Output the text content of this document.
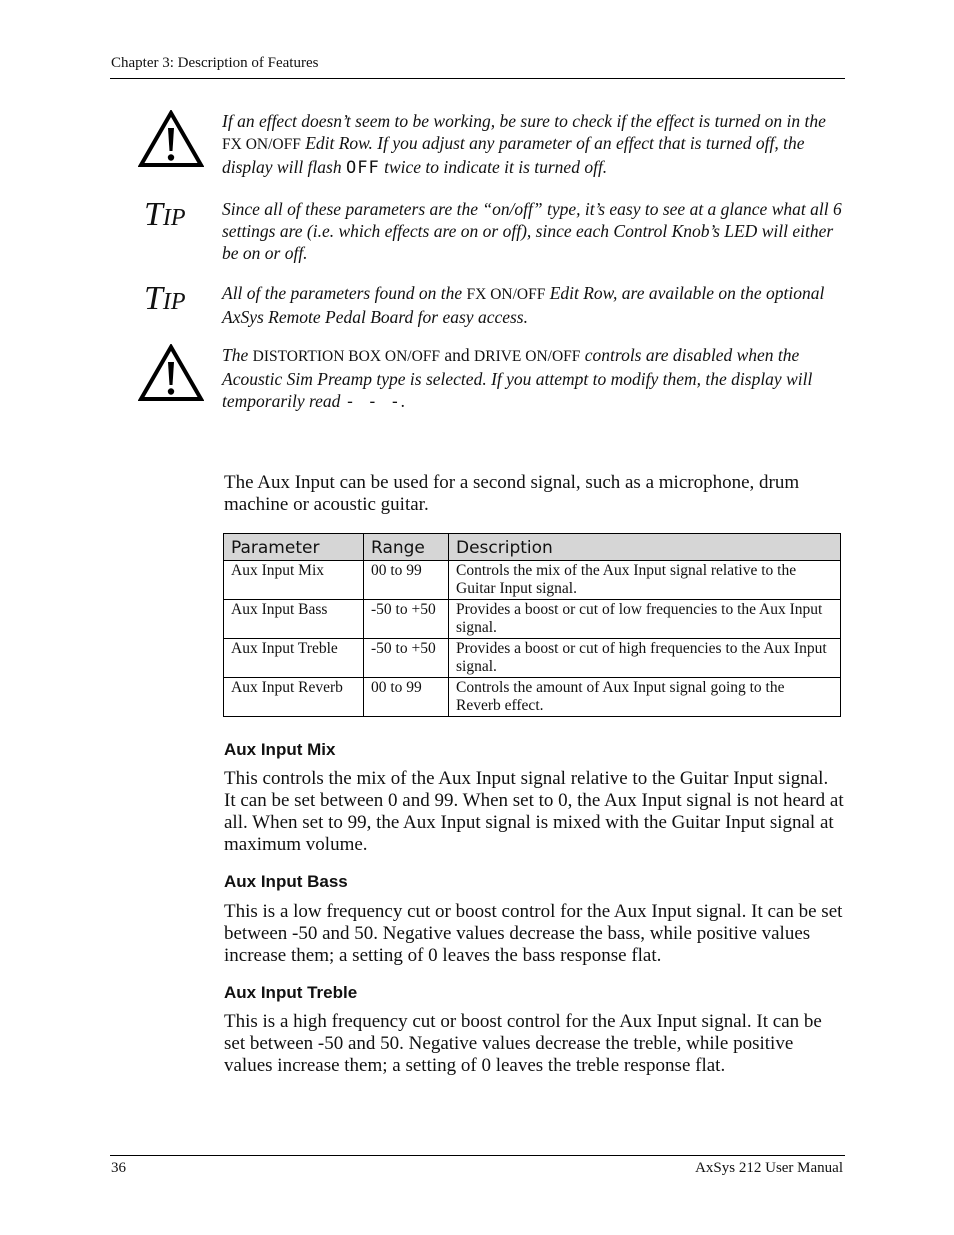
Chapter 3: Description of Features
If an effect doesn’t seem to be working, be sure to check if the effect is turned on in the FX ON/OFF Edit Row. If you adjust any parameter of an effect that is turned off, the display will flash OFF twice to indicate it is turned off.
TIP Since all of these parameters are the “on/off” type, it’s easy to see at a glance what all 6 settings are (i.e. which effects are on or off), since each Control Knob’s LED will either be on or off.
TIP All of the parameters found on the FX ON/OFF Edit Row, are available on the optional AxSys Remote Pedal Board for easy access.
The DISTORTION BOX ON/OFF and DRIVE ON/OFF controls are disabled when the Acoustic Sim Preamp type is selected. If you attempt to modify them, the display will temporarily read - - -.
The Aux Input can be used for a second signal, such as a microphone, drum machine or acoustic guitar.
Parameter	Range	Description
Aux Input Mix	00 to 99	Controls the mix of the Aux Input signal relative to the Guitar Input signal.
Aux Input Bass	-50 to +50	Provides a boost or cut of low frequencies to the Aux Input signal.
Aux Input Treble	-50 to +50	Provides a boost or cut of high frequencies to the Aux Input signal.
Aux Input Reverb	00 to 99	Controls the amount of Aux Input signal going to the Reverb effect.
Aux Input Mix
This controls the mix of the Aux Input signal relative to the Guitar Input signal. It can be set between 0 and 99. When set to 0, the Aux Input signal is not heard at all. When set to 99, the Aux Input signal is mixed with the Guitar Input signal at maximum volume.
Aux Input Bass
This is a low frequency cut or boost control for the Aux Input signal. It can be set between -50 and 50. Negative values decrease the bass, while positive values increase them; a setting of 0 leaves the bass response flat.
Aux Input Treble
This is a high frequency cut or boost control for the Aux Input signal. It can be set between -50 and 50. Negative values decrease the treble, while positive values increase them; a setting of 0 leaves the treble response flat.
36	AxSys 212 User Manual
